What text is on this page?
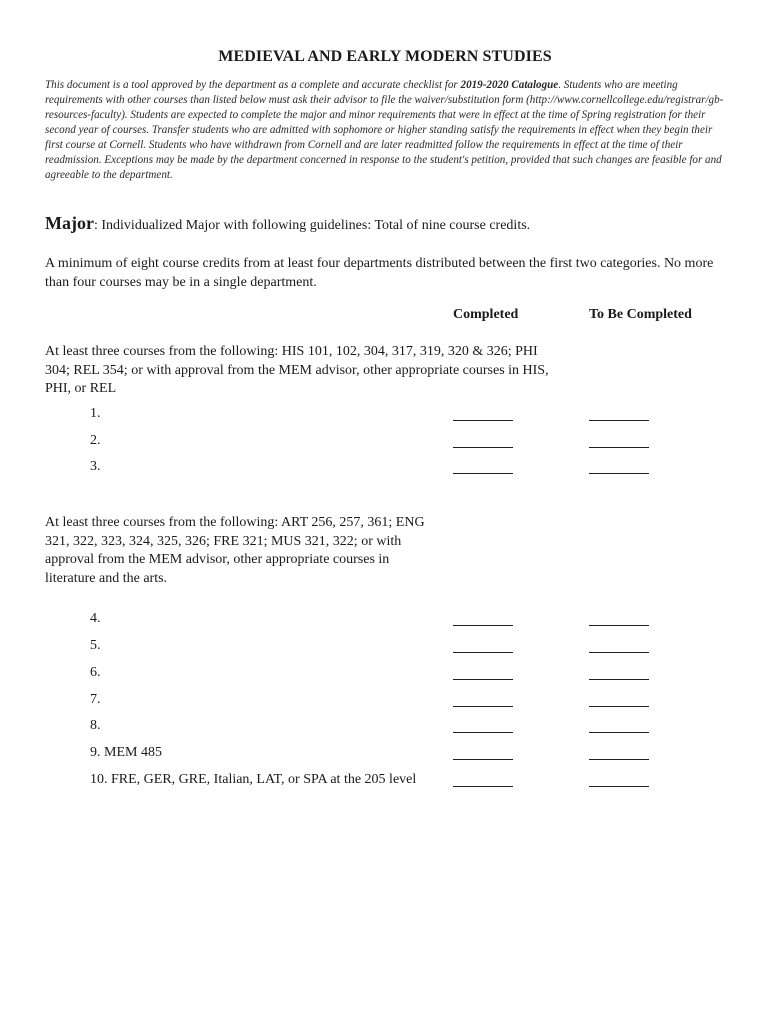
MEDIEVAL AND EARLY MODERN STUDIES
This document is a tool approved by the department as a complete and accurate checklist for 2019-2020 Catalogue. Students who are meeting requirements with other courses than listed below must ask their advisor to file the waiver/substitution form (http://www.cornellcollege.edu/registrar/gb-resources-faculty). Students are expected to complete the major and minor requirements that were in effect at the time of Spring registration for their second year of courses. Transfer students who are admitted with sophomore or higher standing satisfy the requirements in effect when they begin their first course at Cornell. Students who have withdrawn from Cornell and are later readmitted follow the requirements in effect at the time of their readmission. Exceptions may be made by the department concerned in response to the student's petition, provided that such changes are feasible for and agreeable to the department.
Major: Individualized Major with following guidelines: Total of nine course credits.
A minimum of eight course credits from at least four departments distributed between the first two categories. No more than four courses may be in a single department.
Completed	To Be Completed
At least three courses from the following: HIS 101, 102, 304, 317, 319, 320 & 326; PHI 304; REL 354; or with approval from the MEM advisor, other appropriate courses in HIS, PHI, or REL
At least three courses from the following: ART 256, 257, 361; ENG 321, 322, 323, 324, 325, 326; FRE 321; MUS 321, 322; or with approval from the MEM advisor, other appropriate courses in literature and the arts.
1.
2.
3.
4.
5.
6.
7.
8.
9. MEM 485
10. FRE, GER, GRE, Italian, LAT, or SPA at the 205 level
